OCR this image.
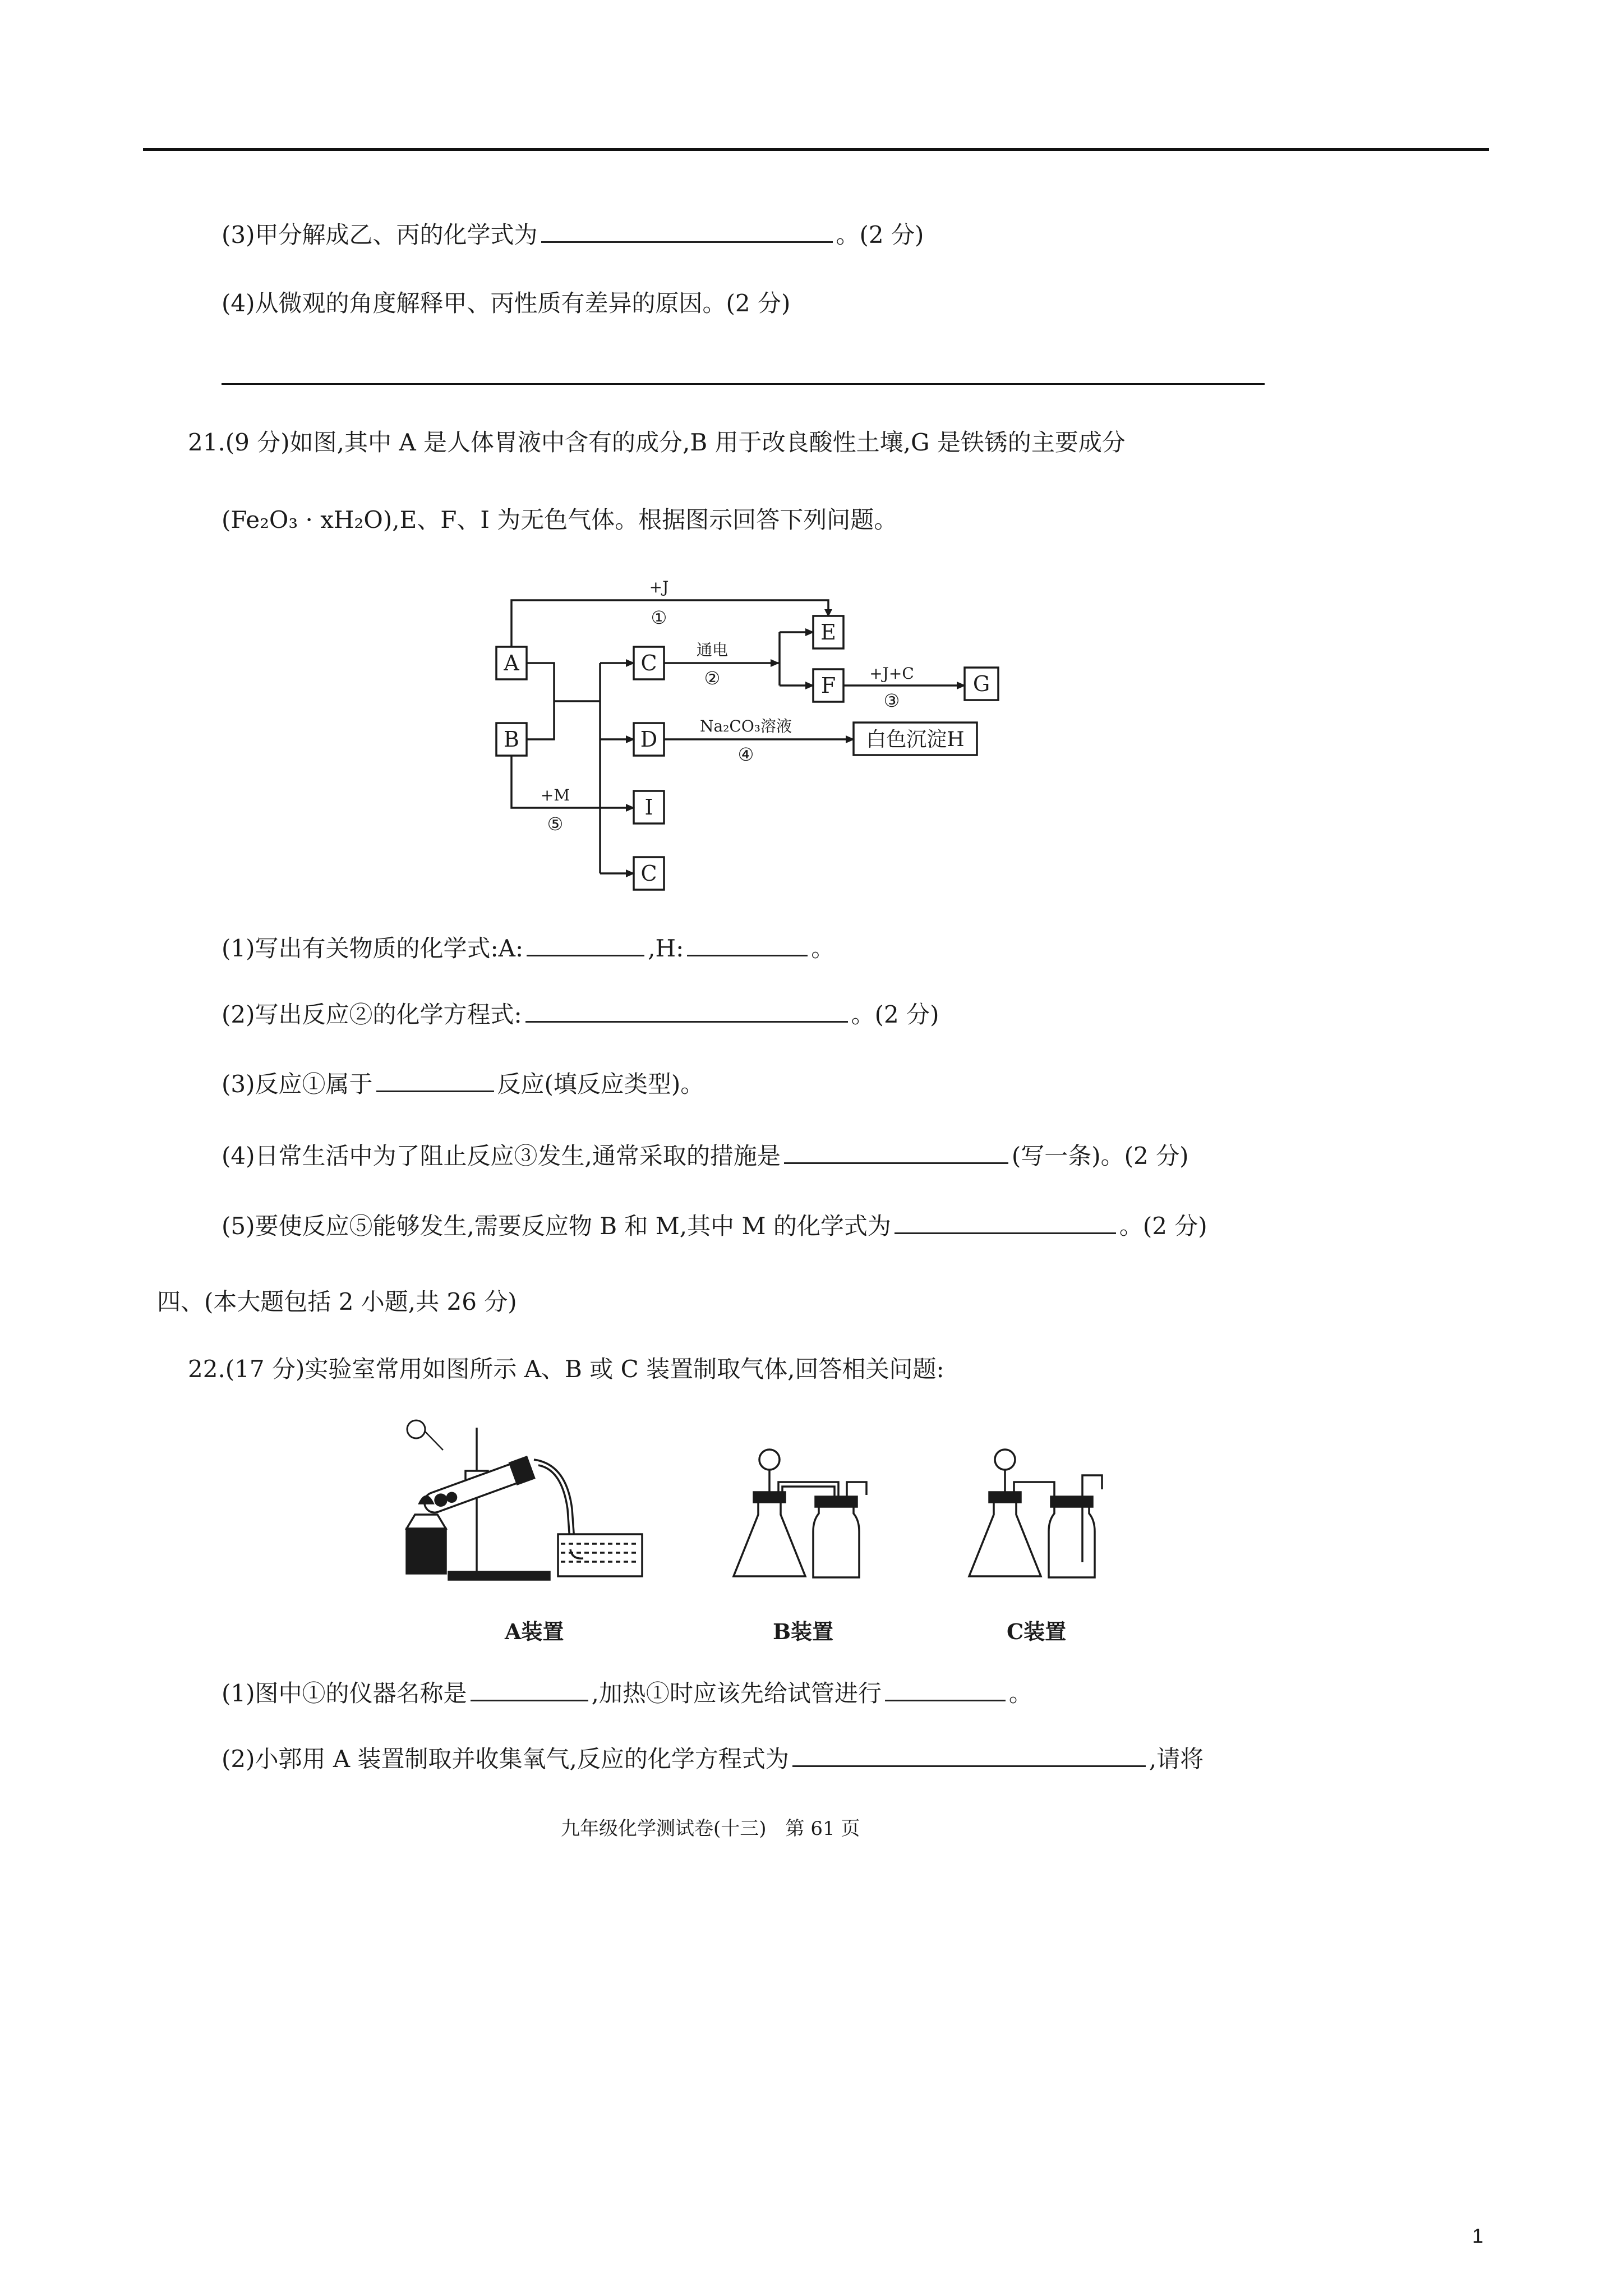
(3)甲分解成乙、丙的化学式为	。(2 分)
(4)从微观的角度解释甲、丙性质有差异的原因。(2 分)
21.(9 分)如图,其中 A 是人体胃液中含有的成分,B 用于改良酸性土壤,G 是铁锈的主要成分
(Fe₂O₃ · xH₂O),E、F、I 为无色气体。根据图示回答下列问题。
A
B
C
D
I
C
E
F	G
白色沉淀H
+J
①
通电
②	+J+C
③
Na₂CO₃溶液
④
+M
⑤
(1)写出有关物质的化学式:A:	,H:	。
(2)写出反应②的化学方程式:	。(2 分)
(3)反应①属于	反应(填反应类型)。
(4)日常生活中为了阻止反应③发生,通常采取的措施是	(写一条)。(2 分)
(5)要使反应⑤能够发生,需要反应物 B 和 M,其中 M 的化学式为	。(2 分)
四、(本大题包括 2 小题,共 26 分)
22.(17 分)实验室常用如图所示 A、B 或 C 装置制取气体,回答相关问题:
A装置	B装置	C装置
(1)图中①的仪器名称是	,加热①时应该先给试管进行	。
(2)小郭用 A 装置制取并收集氧气,反应的化学方程式为	,请将
九年级化学测试卷(十三)　第 61 页
1
